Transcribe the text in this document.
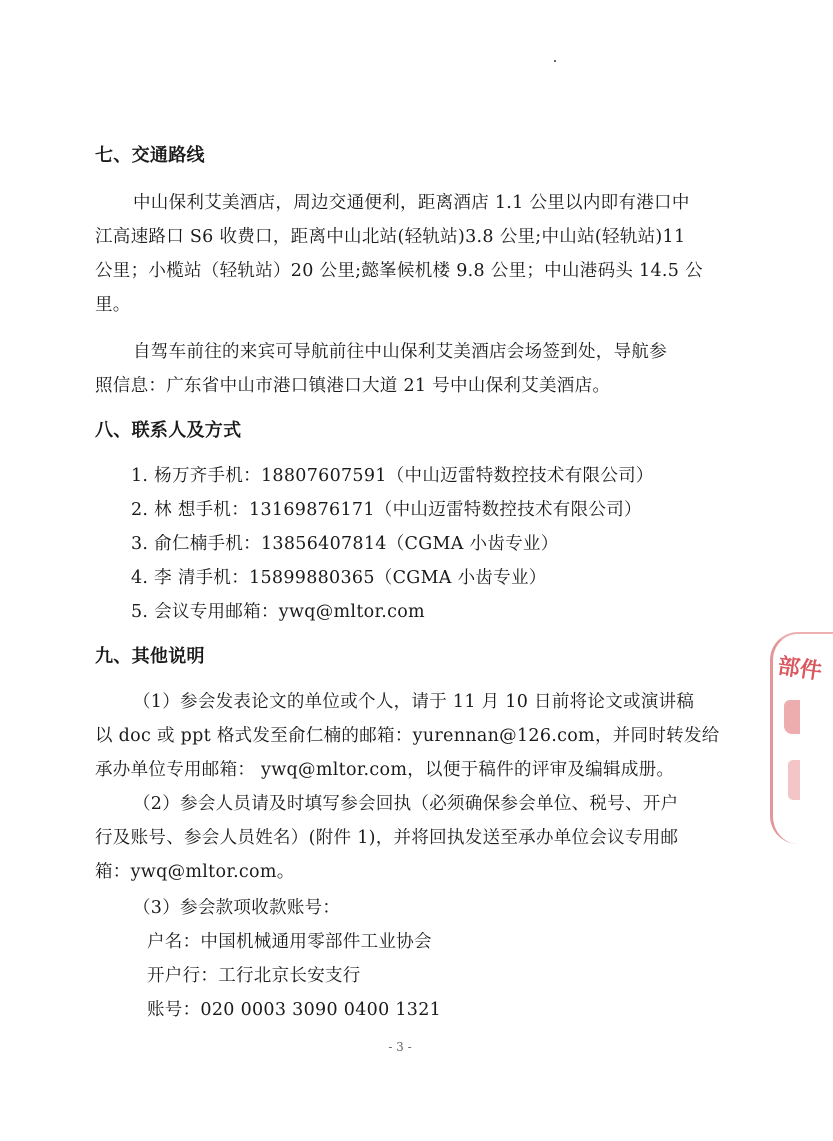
七、交通路线
中山保利艾美酒店，周边交通便利，距离酒店 1.1 公里以内即有港口中
江高速路口 S6 收费口，距离中山北站(轻轨站)3.8 公里;中山站(轻轨站)11
公里；小榄站（轻轨站）20 公里;懿峯候机楼 9.8 公里；中山港码头 14.5 公
里。
自驾车前往的来宾可导航前往中山保利艾美酒店会场签到处，导航参
照信息：广东省中山市港口镇港口大道 21 号中山保利艾美酒店。
八、联系人及方式
1. 杨万齐手机：18807607591（中山迈雷特数控技术有限公司）
2. 林 想手机：13169876171（中山迈雷特数控技术有限公司）
3. 俞仁楠手机：13856407814（CGMA 小齿专业）
4. 李 清手机：15899880365（CGMA 小齿专业）
5. 会议专用邮箱：ywq@mltor.com
九、其他说明
（1）参会发表论文的单位或个人，请于 11 月 10 日前将论文或演讲稿
以 doc 或 ppt 格式发至俞仁楠的邮箱：yurennan@126.com，并同时转发给
承办单位专用邮箱： ywq@mltor.com，以便于稿件的评审及编辑成册。
（2）参会人员请及时填写参会回执（必须确保参会单位、税号、开户
行及账号、参会人员姓名）(附件 1)，并将回执发送至承办单位会议专用邮
箱：ywq@mltor.com。
（3）参会款项收款账号：
户名：中国机械通用零部件工业协会
开户行：工行北京长安支行
账号：020 0003 3090 0400 1321
- 3 -
部件
